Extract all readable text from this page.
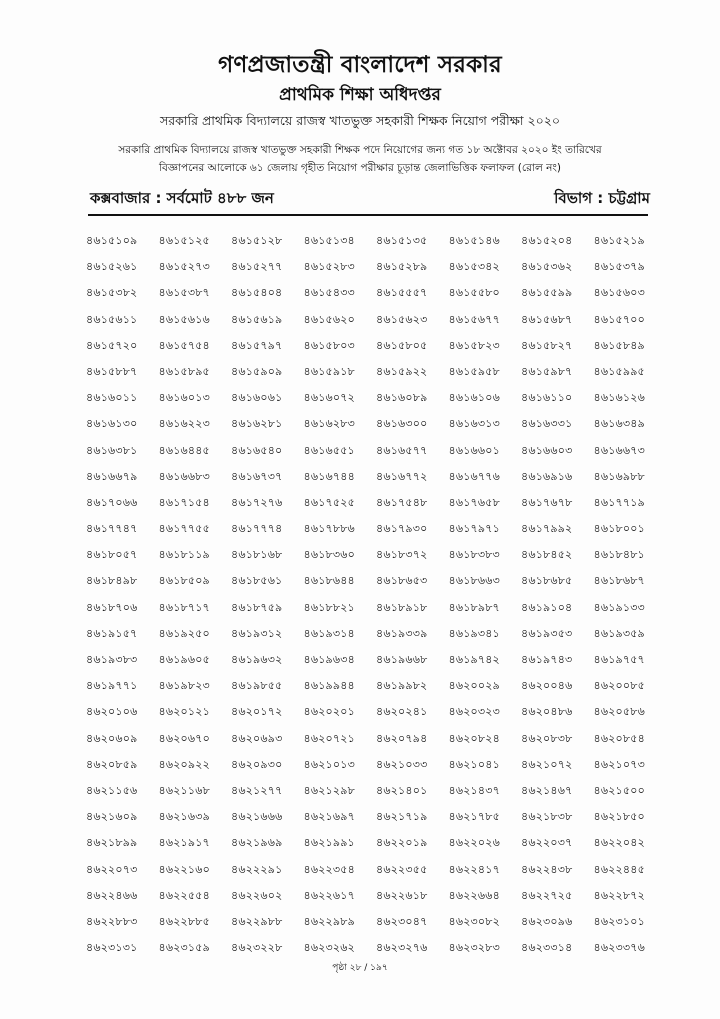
গণপ্রজাতন্ত্রী বাংলাদেশ সরকার
প্রাথমিক শিক্ষা অধিদপ্তর
সরকারি প্রাথমিক বিদ্যালয়ে রাজস্ব খাতভুক্ত সহকারী শিক্ষক নিয়োগ পরীক্ষা ২০২০
সরকারি প্রাথমিক বিদ্যালয়ে রাজস্ব খাতভুক্ত সহকারী শিক্ষক পদে নিয়োগের জন্য গত ১৮ অক্টোবর ২০২০ ইং তারিখের
বিজ্ঞাপনের আলোকে ৬১ জেলায় গৃহীত নিয়োগ পরীক্ষার চূড়ান্ত জেলাভিত্তিক ফলাফল (রোল নং)
কক্সবাজার : সর্বমোট ৪৮৮ জন	বিভাগ : চট্টগ্রাম
৪৬১৫১০৯	৪৬১৫১২৫	৪৬১৫১২৮	৪৬১৫১৩৪	৪৬১৫১৩৫	৪৬১৫১৪৬	৪৬১৫২০৪	৪৬১৫২১৯
৪৬১৫২৬১	৪৬১৫২৭৩	৪৬১৫২৭৭	৪৬১৫২৮৩	৪৬১৫২৮৯	৪৬১৫৩৪২	৪৬১৫৩৬২	৪৬১৫৩৭৯
৪৬১৫৩৮২	৪৬১৫৩৮৭	৪৬১৫৪০৪	৪৬১৫৪৩৩	৪৬১৫৫৫৭	৪৬১৫৫৮০	৪৬১৫৫৯৯	৪৬১৫৬০৩
৪৬১৫৬১১	৪৬১৫৬১৬	৪৬১৫৬১৯	৪৬১৫৬২০	৪৬১৫৬২৩	৪৬১৫৬৭৭	৪৬১৫৬৮৭	৪৬১৫৭০০
৪৬১৫৭২০	৪৬১৫৭৫৪	৪৬১৫৭৯৭	৪৬১৫৮০৩	৪৬১৫৮০৫	৪৬১৫৮২৩	৪৬১৫৮২৭	৪৬১৫৮৪৯
৪৬১৫৮৮৭	৪৬১৫৮৯৫	৪৬১৫৯০৯	৪৬১৫৯১৮	৪৬১৫৯২২	৪৬১৫৯৫৮	৪৬১৫৯৮৭	৪৬১৫৯৯৫
৪৬১৬০১১	৪৬১৬০১৩	৪৬১৬০৬১	৪৬১৬০৭২	৪৬১৬০৮৯	৪৬১৬১০৬	৪৬১৬১১০	৪৬১৬১২৬
৪৬১৬১৩০	৪৬১৬২২৩	৪৬১৬২৮১	৪৬১৬২৮৩	৪৬১৬৩০০	৪৬১৬৩১৩	৪৬১৬৩৩১	৪৬১৬৩৪৯
৪৬১৬৩৮১	৪৬১৬৪৪৫	৪৬১৬৫৪০	৪৬১৬৫৫১	৪৬১৬৫৭৭	৪৬১৬৬০১	৪৬১৬৬০৩	৪৬১৬৬৭৩
৪৬১৬৬৭৯	৪৬১৬৬৮৩	৪৬১৬৭৩৭	৪৬১৬৭৪৪	৪৬১৬৭৭২	৪৬১৬৭৭৬	৪৬১৬৯১৬	৪৬১৬৯৮৮
৪৬১৭০৬৬	৪৬১৭১৫৪	৪৬১৭২৭৬	৪৬১৭৫২৫	৪৬১৭৫৪৮	৪৬১৭৬৫৮	৪৬১৭৬৭৮	৪৬১৭৭১৯
৪৬১৭৭৪৭	৪৬১৭৭৫৫	৪৬১৭৭৭৪	৪৬১৭৮৮৬	৪৬১৭৯৩০	৪৬১৭৯৭১	৪৬১৭৯৯২	৪৬১৮০০১
৪৬১৮০৫৭	৪৬১৮১১৯	৪৬১৮১৬৮	৪৬১৮৩৬০	৪৬১৮৩৭২	৪৬১৮৩৮৩	৪৬১৮৪৫২	৪৬১৮৪৮১
৪৬১৮৪৯৮	৪৬১৮৫০৯	৪৬১৮৫৬১	৪৬১৮৬৪৪	৪৬১৮৬৫৩	৪৬১৮৬৬৩	৪৬১৮৬৮৫	৪৬১৮৬৮৭
৪৬১৮৭০৬	৪৬১৮৭১৭	৪৬১৮৭৫৯	৪৬১৮৮২১	৪৬১৮৯১৮	৪৬১৮৯৮৭	৪৬১৯১০৪	৪৬১৯১৩৩
৪৬১৯১৫৭	৪৬১৯২৫০	৪৬১৯৩১২	৪৬১৯৩১৪	৪৬১৯৩৩৯	৪৬১৯৩৪১	৪৬১৯৩৫৩	৪৬১৯৩৫৯
৪৬১৯৩৮৩	৪৬১৯৬০৫	৪৬১৯৬৩২	৪৬১৯৬৩৪	৪৬১৯৬৬৮	৪৬১৯৭৪২	৪৬১৯৭৪৩	৪৬১৯৭৫৭
৪৬১৯৭৭১	৪৬১৯৮২৩	৪৬১৯৮৫৫	৪৬১৯৯৪৪	৪৬১৯৯৮২	৪৬২০০২৯	৪৬২০০৪৬	৪৬২০০৮৫
৪৬২০১০৬	৪৬২০১২১	৪৬২০১৭২	৪৬২০২০১	৪৬২০২৪১	৪৬২০৩২৩	৪৬২০৪৮৬	৪৬২০৫৮৬
৪৬২০৬০৯	৪৬২০৬৭০	৪৬২০৬৯৩	৪৬২০৭২১	৪৬২০৭৯৪	৪৬২০৮২৪	৪৬২০৮৩৮	৪৬২০৮৫৪
৪৬২০৮৫৯	৪৬২০৯২২	৪৬২০৯৩০	৪৬২১০১৩	৪৬২১০৩৩	৪৬২১০৪১	৪৬২১০৭২	৪৬২১০৭৩
৪৬২১১৫৬	৪৬২১১৬৮	৪৬২১২৭৭	৪৬২১২৯৮	৪৬২১৪০১	৪৬২১৪৩৭	৪৬২১৪৬৭	৪৬২১৫০০
৪৬২১৬০৯	৪৬২১৬৩৯	৪৬২১৬৬৬	৪৬২১৬৯৭	৪৬২১৭১৯	৪৬২১৭৮৫	৪৬২১৮৩৮	৪৬২১৮৫০
৪৬২১৮৯৯	৪৬২১৯১৭	৪৬২১৯৬৯	৪৬২১৯৯১	৪৬২২০১৯	৪৬২২০২৬	৪৬২২০৩৭	৪৬২২০৪২
৪৬২২০৭৩	৪৬২২১৬০	৪৬২২২৯১	৪৬২২৩৫৪	৪৬২২৩৫৫	৪৬২২৪১৭	৪৬২২৪৩৮	৪৬২২৪৪৫
৪৬২২৪৬৬	৪৬২২৫৫৪	৪৬২২৬০২	৪৬২২৬১৭	৪৬২২৬১৮	৪৬২২৬৬৪	৪৬২২৭২৫	৪৬২২৮৭২
৪৬২২৮৮৩	৪৬২২৮৮৫	৪৬২২৯৮৮	৪৬২২৯৮৯	৪৬২৩০৪৭	৪৬২৩০৮২	৪৬২৩০৯৬	৪৬২৩১০১
৪৬২৩১৩১	৪৬২৩১৫৯	৪৬২৩২২৮	৪৬২৩২৬২	৪৬২৩২৭৬	৪৬২৩২৮৩	৪৬২৩৩১৪	৪৬২৩৩৭৬
পৃষ্ঠা ২৮ / ১৯৭
